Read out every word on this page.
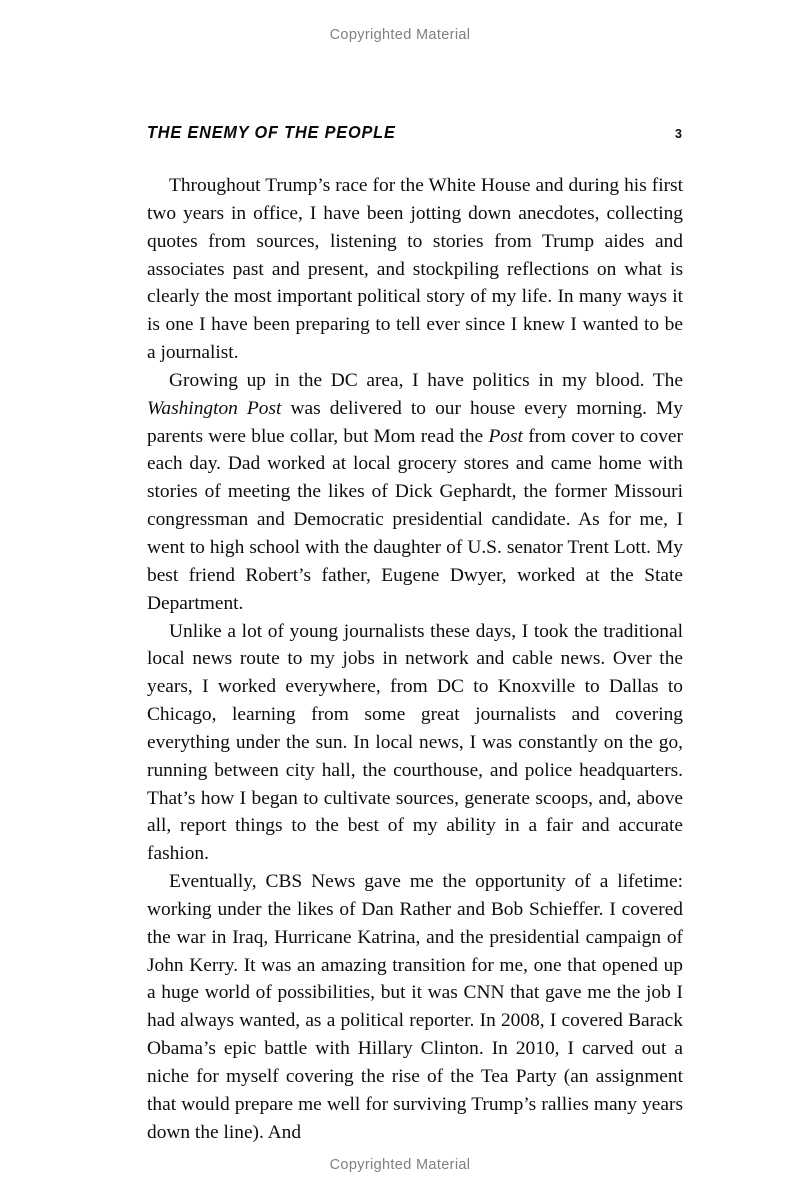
Copyrighted Material
THE ENEMY OF THE PEOPLE	3

Throughout Trump’s race for the White House and during his first two years in office, I have been jotting down anecdotes, collecting quotes from sources, listening to stories from Trump aides and associates past and present, and stockpiling reflections on what is clearly the most important political story of my life. In many ways it is one I have been preparing to tell ever since I knew I wanted to be a journalist.

Growing up in the DC area, I have politics in my blood. The Washington Post was delivered to our house every morning. My parents were blue collar, but Mom read the Post from cover to cover each day. Dad worked at local grocery stores and came home with stories of meeting the likes of Dick Gephardt, the former Missouri congressman and Democratic presidential candidate. As for me, I went to high school with the daughter of U.S. senator Trent Lott. My best friend Robert’s father, Eugene Dwyer, worked at the State Department.

Unlike a lot of young journalists these days, I took the traditional local news route to my jobs in network and cable news. Over the years, I worked everywhere, from DC to Knoxville to Dallas to Chicago, learning from some great journalists and covering everything under the sun. In local news, I was constantly on the go, running between city hall, the courthouse, and police headquarters. That’s how I began to cultivate sources, generate scoops, and, above all, report things to the best of my ability in a fair and accurate fashion.

Eventually, CBS News gave me the opportunity of a lifetime: working under the likes of Dan Rather and Bob Schieffer. I covered the war in Iraq, Hurricane Katrina, and the presidential campaign of John Kerry. It was an amazing transition for me, one that opened up a huge world of possibilities, but it was CNN that gave me the job I had always wanted, as a political reporter. In 2008, I covered Barack Obama’s epic battle with Hillary Clinton. In 2010, I carved out a niche for myself covering the rise of the Tea Party (an assignment that would prepare me well for surviving Trump’s rallies many years down the line). And

Copyrighted Material
